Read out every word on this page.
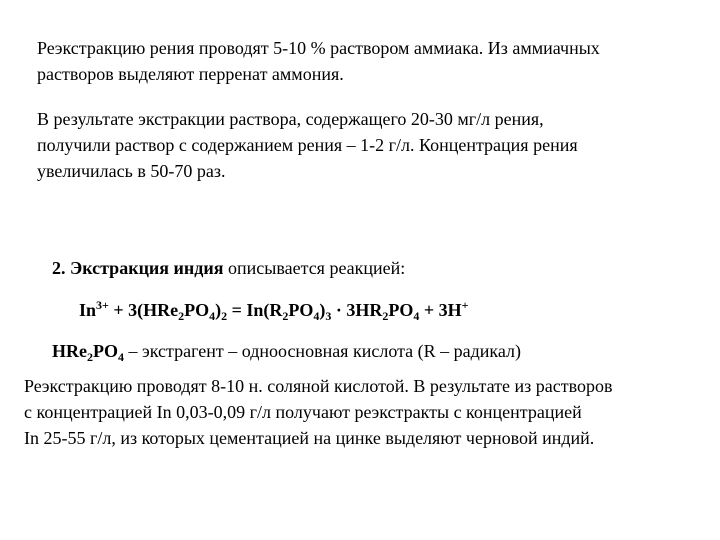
Реэкстракцию рения проводят 5-10 % раствором аммиака. Из аммиачных
растворов выделяют перренат аммония.

В результате экстракции раствора, содержащего 20-30 мг/л рения,
получили раствор с содержанием рения – 1-2 г/л. Концентрация рения
увеличилась в 50-70 раз.

2. Экстракция индия описывается реакцией:
$In^{3+} + 3(HRe_2PO_4)_2 = In(R_2PO_4)_3 \cdot 3HR_2PO_4 + 3H^+$
$HRe_2PO_4$ – экстрагент – одноосновная кислота (R – радикал)

Реэкстракцию проводят 8-10 н. соляной кислотой. В результате из растворов
с концентрацией In 0,03-0,09 г/л получают реэкстракты с концентрацией
In 25-55 г/л, из которых цементацией на цинке выделяют черновой индий.
